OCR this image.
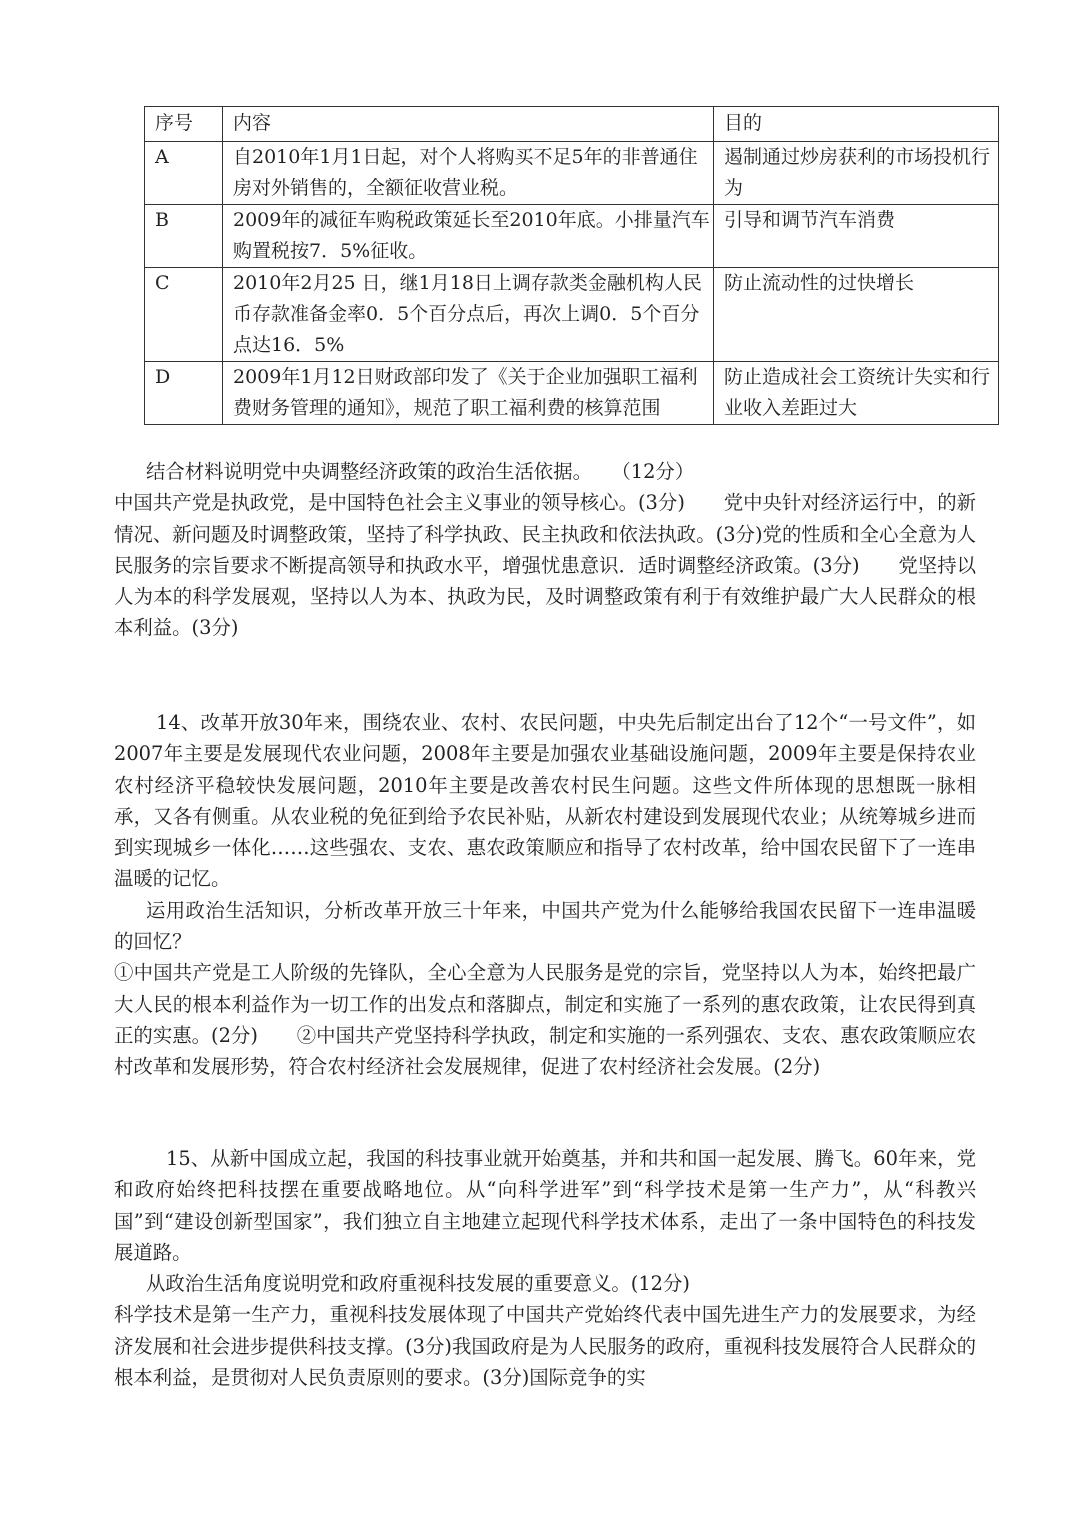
序号	内容	目的
A	自2010年1月1日起，对个人将购买不足5年的非普通住房对外销售的，全额征收营业税。	遏制通过炒房获利的市场投机行为
B	2009年的减征车购税政策延长至2010年底。小排量汽车购置税按7．5%征收。	引导和调节汽车消费
C	2010年2月25 日，继1月18日上调存款类金融机构人民币存款准备金率0．5个百分点后，再次上调0．5个百分点达16．5%	防止流动性的过快增长
D	2009年1月12日财政部印发了《关于企业加强职工福利费财务管理的通知》，规范了职工福利费的核算范围	防止造成社会工资统计失实和行业收入差距过大

结合材料说明党中央调整经济政策的政治生活依据。　　（12分）

中国共产党是执政党，是中国特色社会主义事业的领导核心。(3分)　　党中央针对经济运行中，的新情况、新问题及时调整政策，坚持了科学执政、民主执政和依法执政。(3分)党的性质和全心全意为人民服务的宗旨要求不断提高领导和执政水平，增强忧患意识．适时调整经济政策。(3分)　　党坚持以人为本的科学发展观，坚持以人为本、执政为民，及时调整政策有利于有效维护最广大人民群众的根本利益。(3分)

14、改革开放30年来，围绕农业、农村、农民问题，中央先后制定出台了12个“一号文件”，如2007年主要是发展现代农业问题，2008年主要是加强农业基础设施问题，2009年主要是保持农业农村经济平稳较快发展问题，2010年主要是改善农村民生问题。这些文件所体现的思想既一脉相承，又各有侧重。从农业税的免征到给予农民补贴，从新农村建设到发展现代农业；从统筹城乡进而到实现城乡一体化……这些强农、支农、惠农政策顺应和指导了农村改革，给中国农民留下了一连串温暖的记忆。

运用政治生活知识，分析改革开放三十年来，中国共产党为什么能够给我国农民留下一连串温暖的回忆？

①中国共产党是工人阶级的先锋队，全心全意为人民服务是党的宗旨，党坚持以人为本，始终把最广大人民的根本利益作为一切工作的出发点和落脚点，制定和实施了一系列的惠农政策，让农民得到真正的实惠。(2分)　　②中国共产党坚持科学执政，制定和实施的一系列强农、支农、惠农政策顺应农村改革和发展形势，符合农村经济社会发展规律，促进了农村经济社会发展。(2分)

15、从新中国成立起，我国的科技事业就开始奠基，并和共和国一起发展、腾飞。60年来，党和政府始终把科技摆在重要战略地位。从“向科学进军”到“科学技术是第一生产力”，从“科教兴国”到“建设创新型国家”，我们独立自主地建立起现代科学技术体系，走出了一条中国特色的科技发展道路。

从政治生活角度说明党和政府重视科技发展的重要意义。(12分)

科学技术是第一生产力，重视科技发展体现了中国共产党始终代表中国先进生产力的发展要求，为经济发展和社会进步提供科技支撑。(3分)我国政府是为人民服务的政府，重视科技发展符合人民群众的根本利益，是贯彻对人民负责原则的要求。(3分)国际竞争的实
